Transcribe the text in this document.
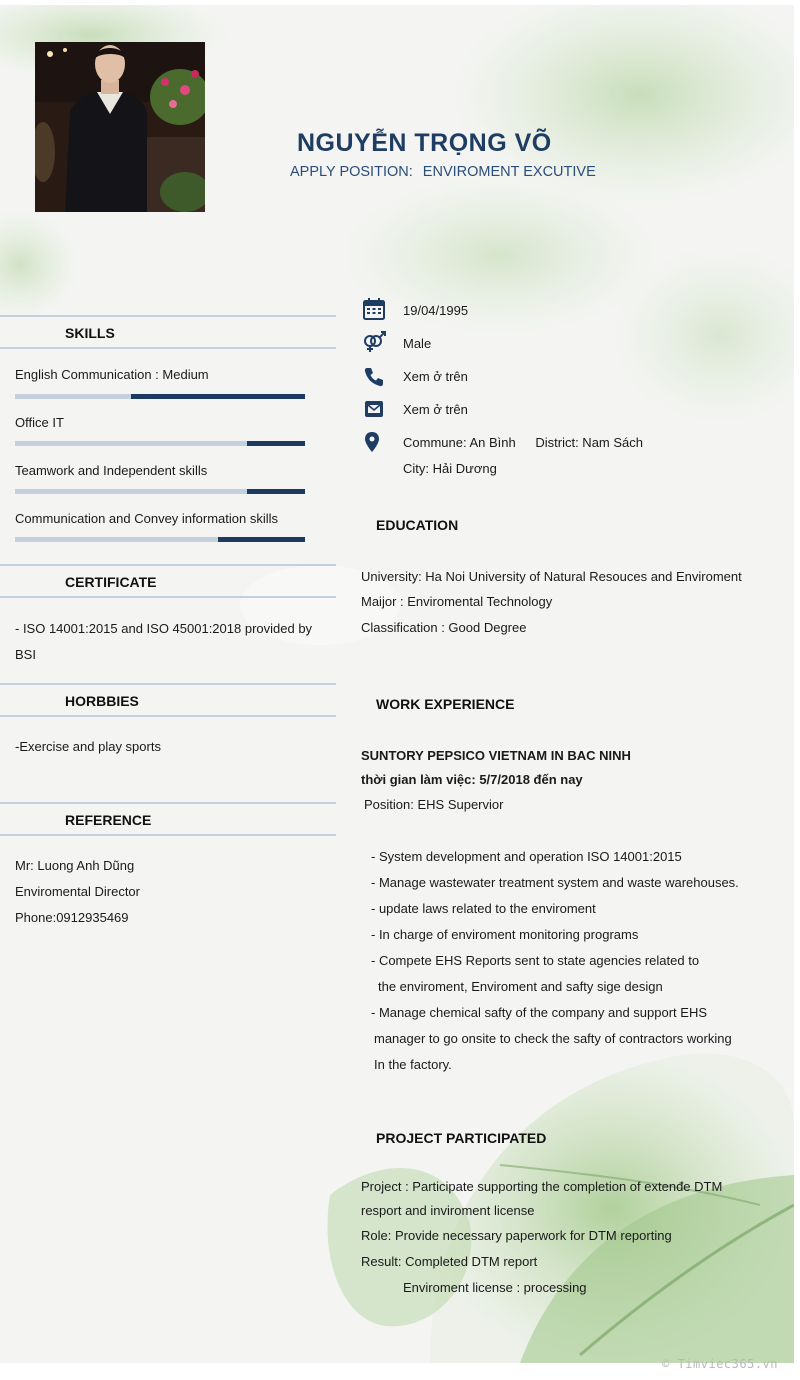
NGUYỄN TRỌNG VÕ
APPLY POSITION: ENVIROMENT EXCUTIVE
SKILLS
English Communication : Medium
Office IT
Teamwork and Independent skills
Communication and Convey information skills
CERTIFICATE
- ISO 14001:2015 and ISO 45001:2018 provided by
BSI
HORBBIES
-Exercise and play sports
REFERENCE
Mr: Luong Anh Dũng
Enviromental Director
Phone:0912935469
19/04/1995
Male
Xem ở trên
Xem ở trên
Commune: An Bình District: Nam Sách
City: Hải Dương
EDUCATION
University: Ha Noi University of Natural Resouces and Enviroment
Maijor : Enviromental Technology
Classification : Good Degree
WORK EXPERIENCE
SUNTORY PEPSICO VIETNAM IN BAC NINH
thời gian làm việc: 5/7/2018 đến nay
Position: EHS Supervior
- System development and operation ISO 14001:2015
- Manage wastewater treatment system and waste warehouses.
- update laws related to the enviroment
- In charge of enviroment monitoring programs
- Compete EHS Reports sent to state agencies related to
the enviroment, Enviroment and safty sige design
- Manage chemical safty of the company and support EHS
manager to go onsite to check the safty of contractors working
In the factory.
PROJECT PARTICIPATED
Project : Participate supporting the completion of extenđe DTM
resport and inviroment license
Role: Provide necessary paperwork for DTM reporting
Result: Completed DTM report
Enviroment license : processing
© Timviec365.vn
